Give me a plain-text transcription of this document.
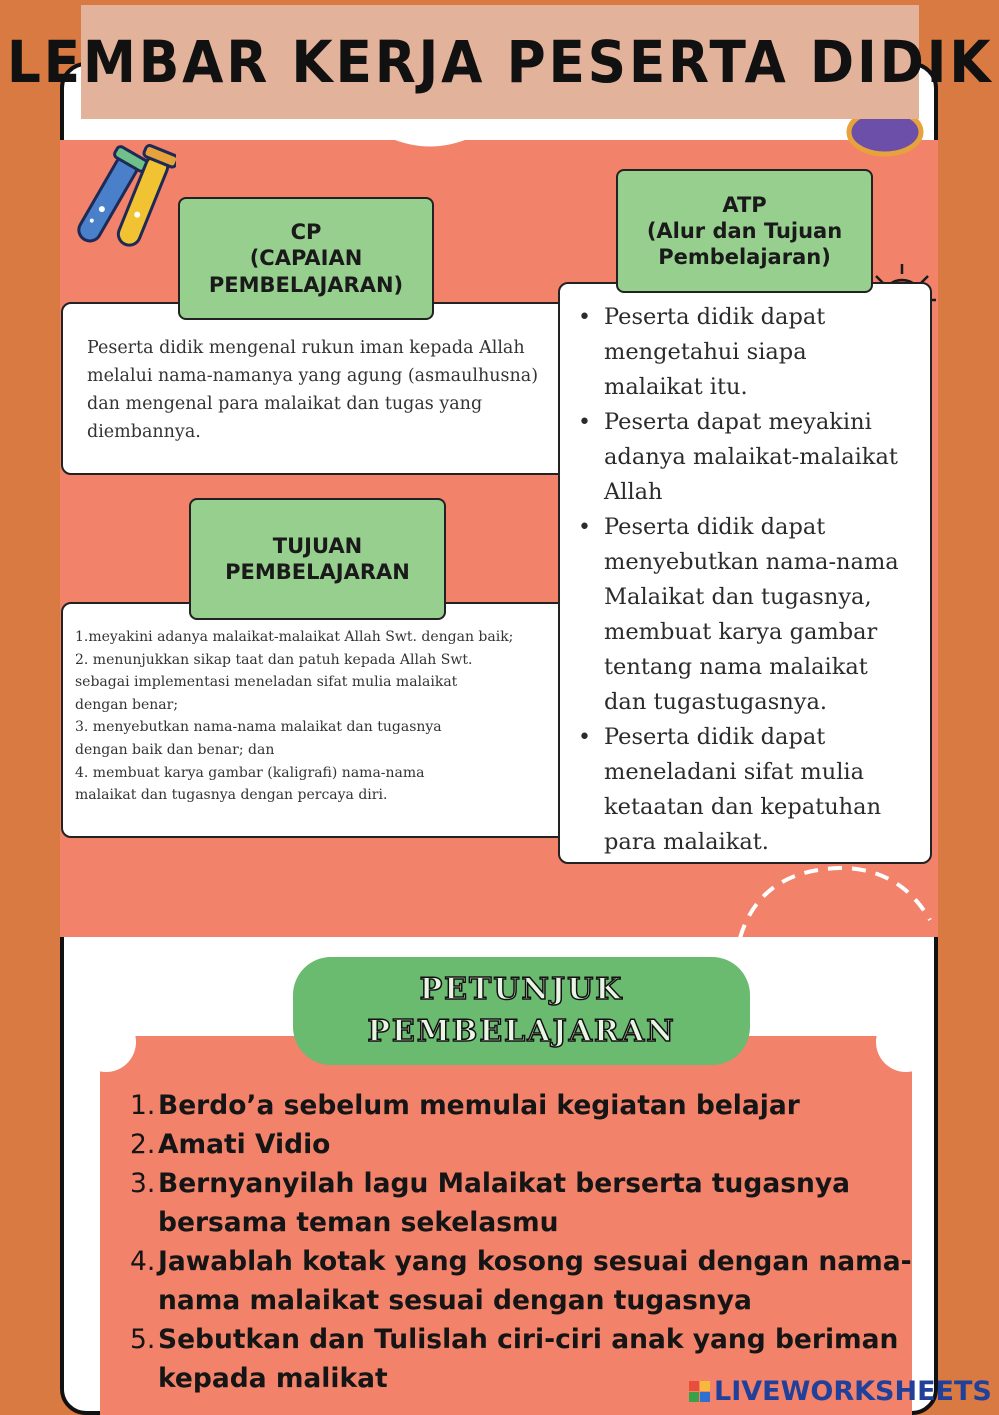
LEMBAR KERJA PESERTA DIDIK
Peserta didik mengenal rukun iman kepada Allah melalui nama-namanya yang agung (asmaulhusna) dan mengenal para malaikat dan tugas yang diembannya.
CP
(CAPAIAN
PEMBELAJARAN)
1.meyakini adanya malaikat-malaikat Allah Swt. dengan baik;
2. menunjukkan sikap taat dan patuh kepada Allah Swt.
sebagai implementasi meneladan sifat mulia malaikat
dengan benar;
3. menyebutkan nama-nama malaikat dan tugasnya
dengan baik dan benar; dan
4. membuat karya gambar (kaligrafi) nama-nama
malaikat dan tugasnya dengan percaya diri.
TUJUAN
PEMBELAJARAN
• Peserta didik dapat
mengetahui siapa
malaikat itu.
• Peserta dapat meyakini
adanya malaikat-malaikat
Allah
• Peserta didik dapat
menyebutkan nama-nama
Malaikat dan tugasnya,
membuat karya gambar
tentang nama malaikat
dan tugastugasnya.
• Peserta didik dapat
meneladani sifat mulia
ketaatan dan kepatuhan
para malaikat.
ATP
(Alur dan Tujuan
Pembelajaran)
1. Berdo’a sebelum memulai kegiatan belajar
2. Amati Vidio
3. Bernyanyilah lagu Malaikat berserta tugasnya
bersama teman sekelasmu
4. Jawablah kotak yang kosong sesuai dengan nama-
nama malaikat sesuai dengan tugasnya
5. Sebutkan dan Tulislah ciri-ciri anak yang beriman
kepada malikat
PETUNJUK
PEMBELAJARAN
LIVEWORKSHEETS
